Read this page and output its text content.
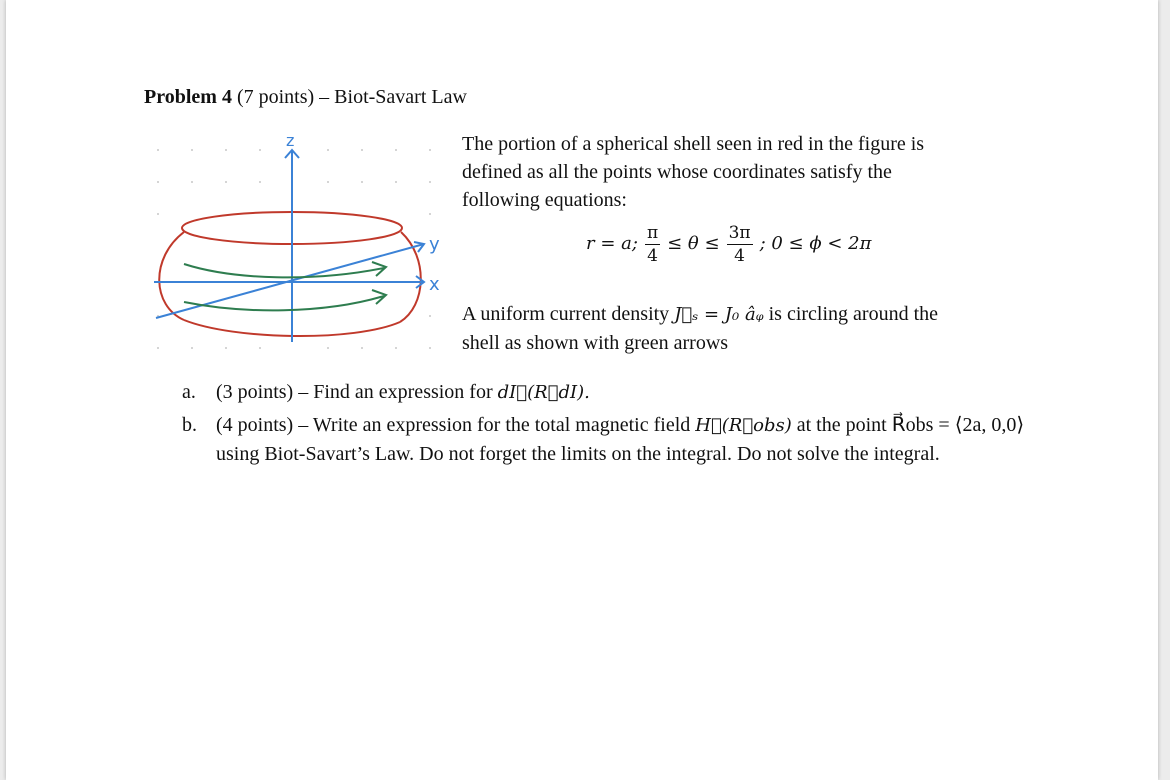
Problem 4 (7 points) – Biot-Savart Law
z
y
x
The portion of a spherical shell seen in red in the figure is
defined as all the points whose coordinates satisfy the
following equations:
r = a; $\frac{\pi}{4} \le \theta \le \frac{3\pi}{4}$ ; 0 ≤ ϕ < 2π
A uniform current density J⃗ₛ = J₀ âᵩ is circling around the
shell as shown with green arrows
a. (3 points) – Find an expression for dI⃗(R⃗dI).
b. (4 points) – Write an expression for the total magnetic field H⃗(R⃗obs) at the point R⃗obs = ⟨2a, 0,0⟩ using Biot-Savart’s Law. Do not forget the limits on the integral. Do not solve the integral.
